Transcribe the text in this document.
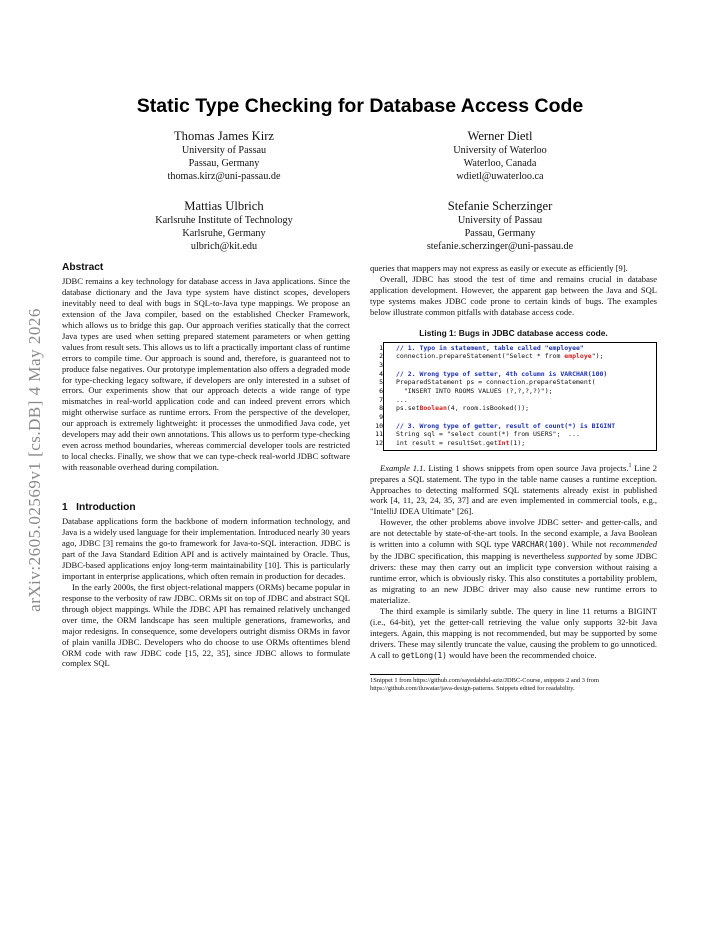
arXiv:2605.02569v1 [cs.DB] 4 May 2026
Static Type Checking for Database Access Code
Thomas James Kirz
University of Passau
Passau, Germany
thomas.kirz@uni-passau.de
Werner Dietl
University of Waterloo
Waterloo, Canada
wdietl@uwaterloo.ca
Mattias Ulbrich
Karlsruhe Institute of Technology
Karlsruhe, Germany
ulbrich@kit.edu
Stefanie Scherzinger
University of Passau
Passau, Germany
stefanie.scherzinger@uni-passau.de
Abstract

JDBC remains a key technology for database access in Java applications. Since the database dictionary and the Java type system have distinct scopes, developers inevitably need to deal with bugs in SQL-to-Java type mappings. We propose an extension of the Java compiler, based on the established Checker Framework, which allows us to bridge this gap. Our approach verifies statically that the correct Java types are used when setting prepared statement parameters or when getting values from result sets. This allows us to lift a practically important class of runtime errors to compile time. Our approach is sound and, therefore, is guaranteed not to produce false negatives. Our prototype implementation also offers a degraded mode for type-checking legacy software, if developers are only interested in a subset of errors. Our experiments show that our approach detects a wide range of type mismatches in real-world application code and can indeed prevent errors which might otherwise surface as runtime errors. From the perspective of the developer, our approach is extremely lightweight: it processes the unmodified Java code, yet developers may add their own annotations. This allows us to perform type-checking even across method boundaries, whereas commercial developer tools are restricted to local checks. Finally, we show that we can type-check real-world JDBC software with reasonable overhead during compilation.

1   Introduction

Database applications form the backbone of modern information technology, and Java is a widely used language for their implementation. Introduced nearly 30 years ago, JDBC [3] remains the go-to framework for Java-to-SQL interaction. JDBC is part of the Java Standard Edition API and is actively maintained by Oracle. Thus, JDBC-based applications enjoy long-term maintainability [10]. This is particularly important in enterprise applications, which often remain in production for decades.

In the early 2000s, the first object-relational mappers (ORMs) became popular in response to the verbosity of raw JDBC. ORMs sit on top of JDBC and abstract SQL through object mappings. While the JDBC API has remained relatively unchanged over time, the ORM landscape has seen multiple generations, frameworks, and major redesigns. In consequence, some developers outright dismiss ORMs in favor of plain vanilla JDBC. Developers who do choose to use ORMs oftentimes blend ORM code with raw JDBC code [15, 22, 35], since JDBC allows to formulate complex SQL

queries that mappers may not express as easily or execute as efficiently [9].

Overall, JDBC has stood the test of time and remains crucial in database application development. However, the apparent gap between the Java and SQL type systems makes JDBC code prone to certain kinds of bugs. The examples below illustrate common pitfalls with database access code.

Listing 1: Bugs in JDBC database access code.
1 // 1. Typo in statement, table called "employee"
2 connection.prepareStatement("Select * from employe");
3
4 // 2. Wrong type of setter, 4th column is VARCHAR(100)
5 PreparedStatement ps = connection.prepareStatement(
6 "INSERT INTO ROOMS VALUES (?,?,?,?)");
7 ...
8 ps.setBoolean(4, room.isBooked());
9
10 // 3. Wrong type of getter, result of count(*) is BIGINT
11 String sql = "select count(*) from USERS";  ...
12 int result = resultSet.getInt(1);

Example 1.1. Listing 1 shows snippets from open source Java projects.$^1$ Line 2 prepares a SQL statement. The typo in the table name causes a runtime exception. Approaches to detecting malformed SQL statements already exist in published work [4, 11, 23, 24, 35, 37] and are even implemented in commercial tools, e.g., "IntelliJ IDEA Ultimate" [26].

However, the other problems above involve JDBC setter- and getter-calls, and are not detectable by state-of-the-art tools. In the second example, a Java Boolean is written into a column with SQL type VARCHAR(100). While not recommended by the JDBC specification, this mapping is nevertheless supported by some JDBC drivers: these may then carry out an implicit type conversion without raising a runtime error, which is obviously risky. This also constitutes a portability problem, as migrating to an new JDBC driver may also cause new runtime errors to materialize.

The third example is similarly subtle. The query in line 11 returns a BIGINT (i.e., 64-bit), yet the getter-call retrieving the value only supports 32-bit Java integers. Again, this mapping is not recommended, but may be supported by some drivers. These may silently truncate the value, causing the problem to go unnoticed. A call to getLong(1) would have been the recommended choice.

1Snippet 1 from https://github.com/sayedabdul-aziz/JDBC-Course, snippets 2 and 3 from https://github.com/iluwatar/java-design-patterns. Snippets edited for readability.
